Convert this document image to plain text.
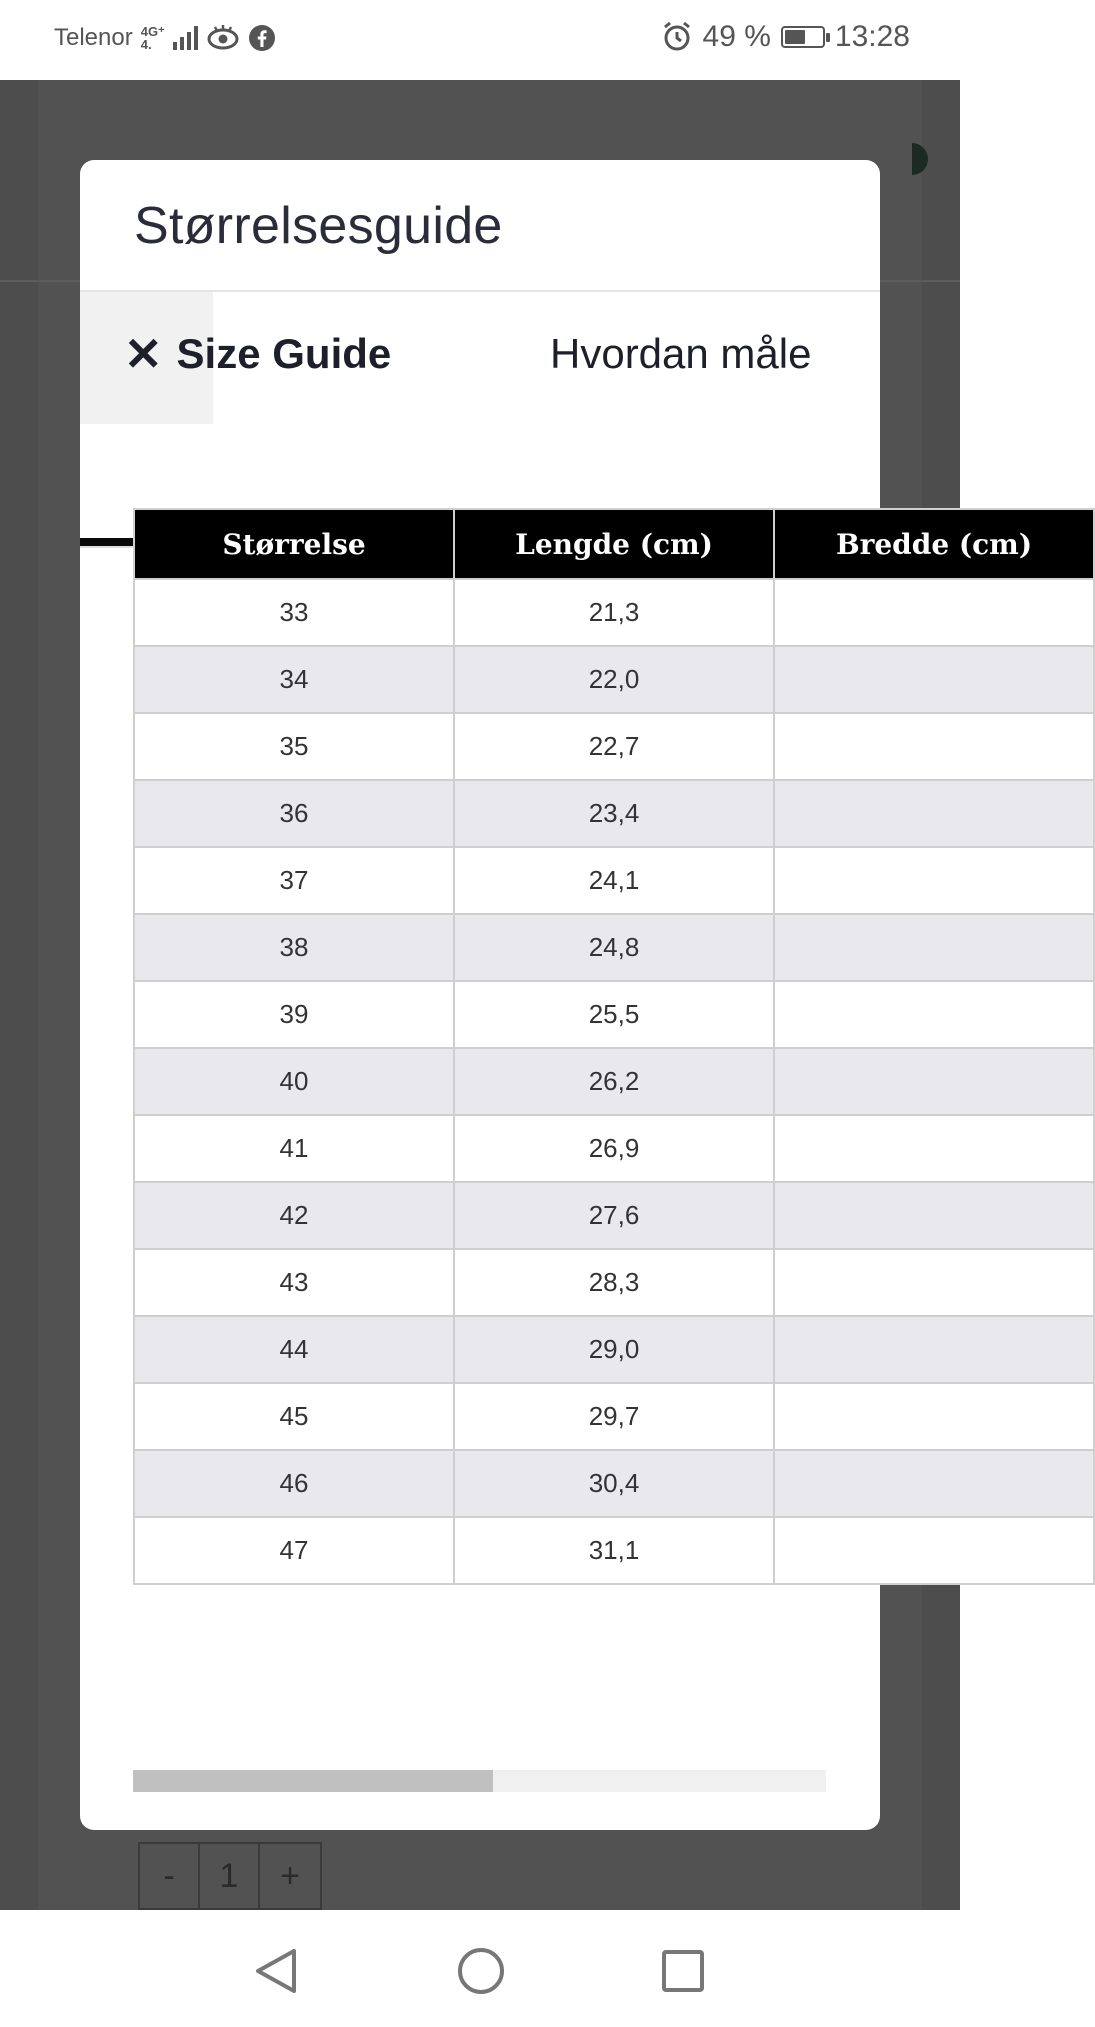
Telenor 4G⁺
4.	49 % 13:28
-	1	+
Størrelsesguide
✕ Size Guide	Hvordan måle
Størrelse	Lengde (cm)	Bredde (cm)
33	21,3	
34	22,0	
35	22,7	
36	23,4	
37	24,1	
38	24,8	
39	25,5	
40	26,2	
41	26,9	
42	27,6	
43	28,3	
44	29,0	
45	29,7	
46	30,4	
47	31,1	
